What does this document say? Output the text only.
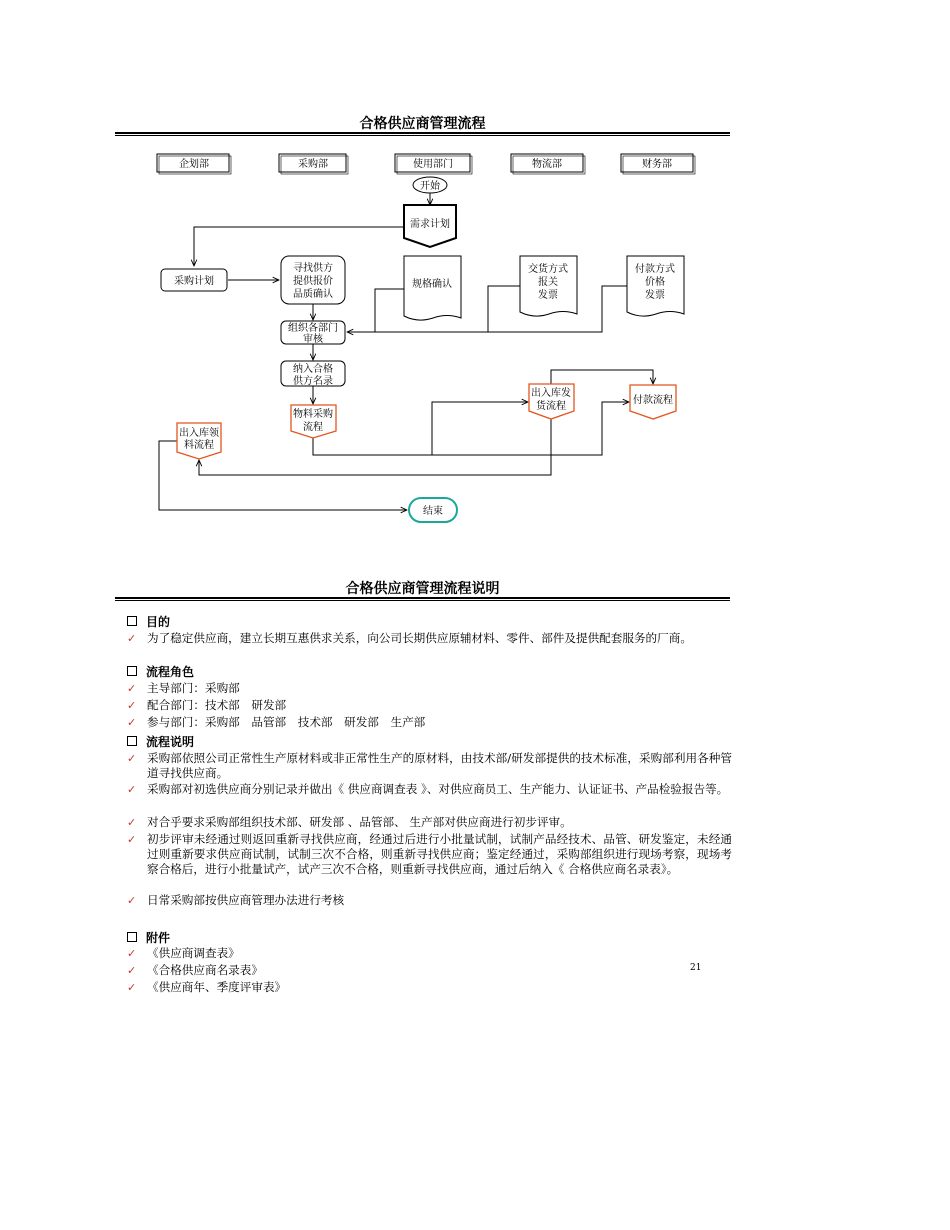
合格供应商管理流程
企划部	采购部	使用部门	物流部	财务部
开始
需求计划
采购计划
寻找供方
提供报价
品质确认
规格确认
交货方式
报关
发票
付款方式
价格
发票
组织各部门
审核
纳入合格
供方名录
物料采购
流程
出入库领
料流程
出入库发
货流程
付款流程
结束
合格供应商管理流程说明
目的
✓ 为了稳定供应商，建立长期互惠供求关系，向公司长期供应原辅材料、零件、部件及提供配套服务的厂商。
流程角色
✓ 主导部门：采购部
✓ 配合部门：技术部　研发部
✓ 参与部门：采购部　品管部　技术部　研发部　生产部
流程说明
✓ 采购部依照公司正常性生产原材料或非正常性生产的原材料，由技术部/研发部提供的技术标准，采购部利用各种管道寻找供应商。
✓ 采购部对初选供应商分别记录并做出《 供应商调查表 》、对供应商员工、生产能力、认证证书、产品检验报告等。
✓ 对合乎要求采购部组织技术部、研发部 、品管部、 生产部对供应商进行初步评审。
✓ 初步评审未经通过则返回重新寻找供应商，经通过后进行小批量试制，试制产品经技术、品管、研发鉴定，未经通过则重新要求供应商试制，试制三次不合格，则重新寻找供应商；鉴定经通过，采购部组织进行现场考察，现场考察合格后，进行小批量试产，试产三次不合格，则重新寻找供应商，通过后纳入《 合格供应商名录表》。
✓ 日常采购部按供应商管理办法进行考核
附件
✓ 《供应商调查表》
✓ 《合格供应商名录表》
✓ 《供应商年、季度评审表》
21
